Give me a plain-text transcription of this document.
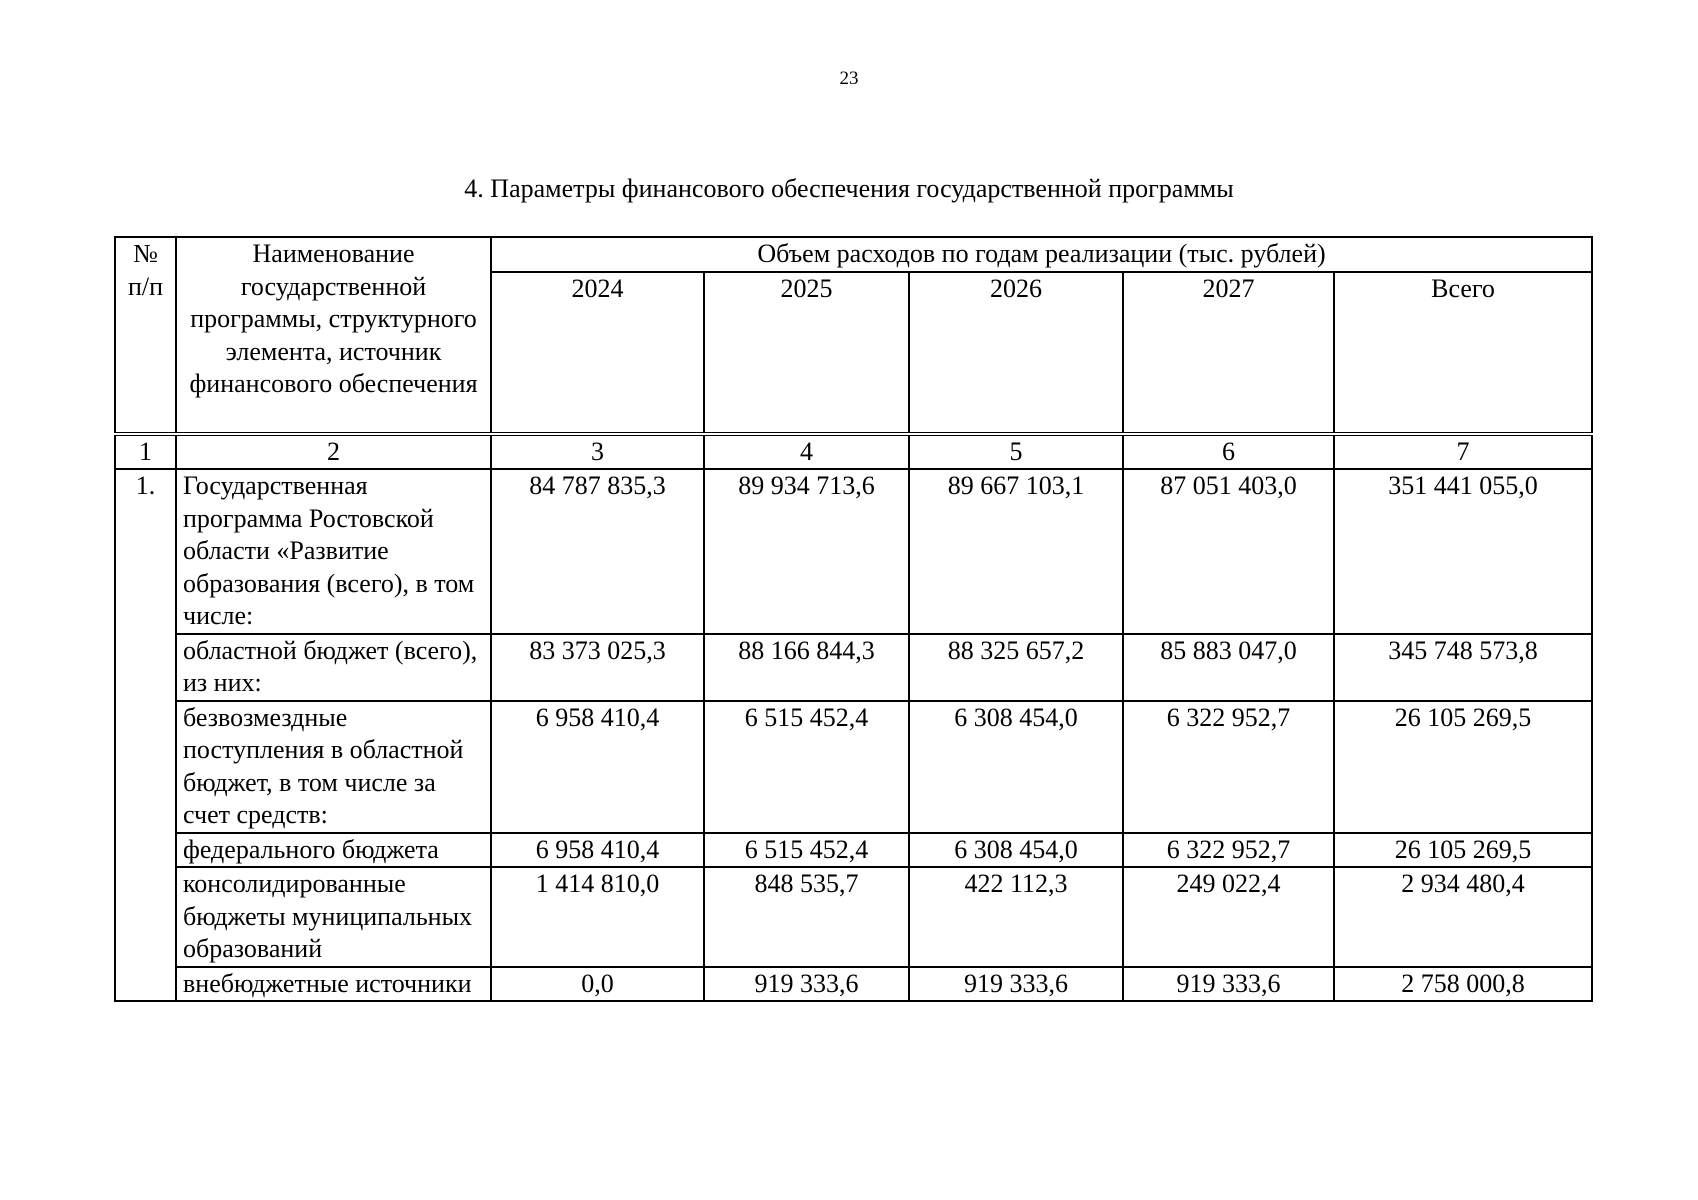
23
4. Параметры финансового обеспечения государственной программы
№ п/п	Наименование государственной программы, структурного элемента, источник финансового обеспечения	Объем расходов по годам реализации (тыс. рублей)				
		2024	2025	2026	2027	Всего
1	2	3	4	5	6	7
1.	Государственная программа Ростовской области «Развитие образования (всего), в том числе:	84 787 835,3	89 934 713,6	89 667 103,1	87 051 403,0	351 441 055,0
	областной бюджет (всего), из них:	83 373 025,3	88 166 844,3	88 325 657,2	85 883 047,0	345 748 573,8
	безвозмездные поступления в областной бюджет, в том числе за счет средств:	6 958 410,4	6 515 452,4	6 308 454,0	6 322 952,7	26 105 269,5
	федерального бюджета	6 958 410,4	6 515 452,4	6 308 454,0	6 322 952,7	26 105 269,5
	консолидированные бюджеты муниципальных образований	1 414 810,0	848 535,7	422 112,3	249 022,4	2 934 480,4
	внебюджетные источники	0,0	919 333,6	919 333,6	919 333,6	2 758 000,8
